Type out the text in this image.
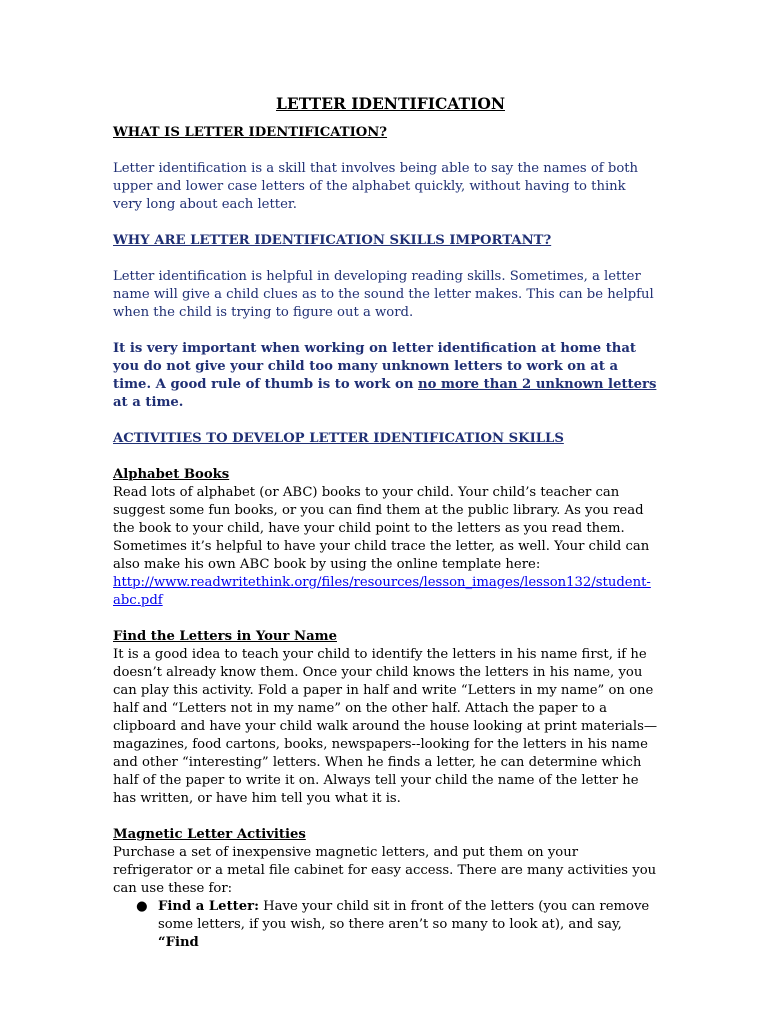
LETTER IDENTIFICATION

WHAT IS LETTER IDENTIFICATION?

Letter identification is a skill that involves being able to say the names of both upper and lower case letters of the alphabet quickly, without having to think very long about each letter.

WHY ARE LETTER IDENTIFICATION SKILLS IMPORTANT?

Letter identification is helpful in developing reading skills. Sometimes, a letter name will give a child clues as to the sound the letter makes. This can be helpful when the child is trying to figure out a word.

It is very important when working on letter identification at home that you do not give your child too many unknown letters to work on at a time. A good rule of thumb is to work on no more than 2 unknown letters at a time.

ACTIVITIES TO DEVELOP LETTER IDENTIFICATION SKILLS

Alphabet Books

Read lots of alphabet (or ABC) books to your child. Your child’s teacher can suggest some fun books, or you can find them at the public library. As you read the book to your child, have your child point to the letters as you read them. Sometimes it’s helpful to have your child trace the letter, as well. Your child can also make his own ABC book by using the online template here:

http://www.readwritethink.org/files/resources/lesson_images/lesson132/student-abc.pdf

Find the Letters in Your Name

It is a good idea to teach your child to identify the letters in his name first, if he doesn’t already know them. Once your child knows the letters in his name, you can play this activity. Fold a paper in half and write “Letters in my name” on one half and “Letters not in my name” on the other half. Attach the paper to a clipboard and have your child walk around the house looking at print materials—magazines, food cartons, books, newspapers--looking for the letters in his name and other “interesting” letters. When he finds a letter, he can determine which half of the paper to write it on. Always tell your child the name of the letter he has written, or have him tell you what it is.

Magnetic Letter Activities

Purchase a set of inexpensive magnetic letters, and put them on your refrigerator or a metal file cabinet for easy access. There are many activities you can use these for:

● Find a Letter: Have your child sit in front of the letters (you can remove some letters, if you wish, so there aren’t so many to look at), and say, “Find
